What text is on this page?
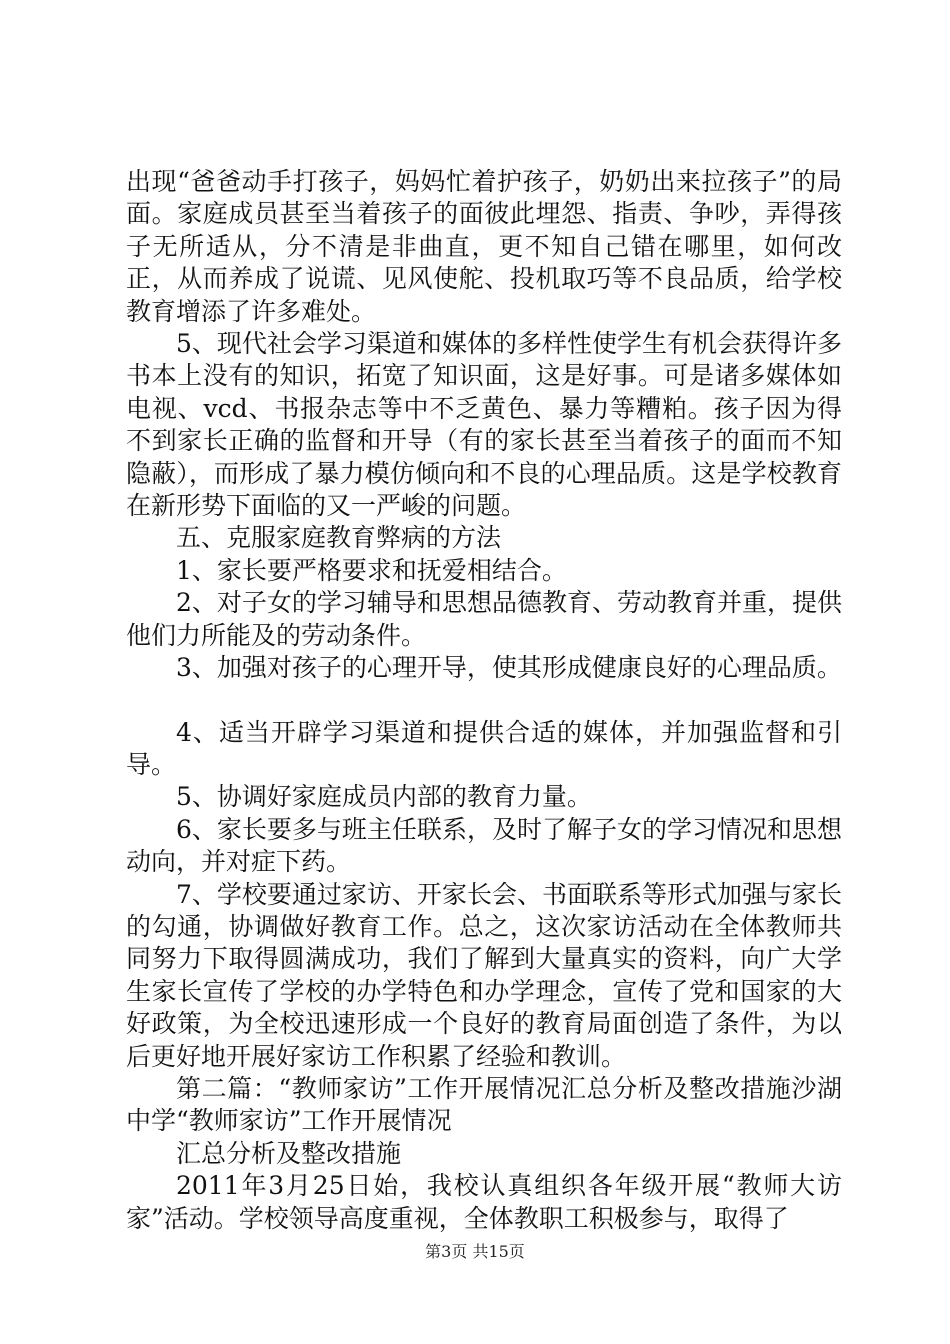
出现“爸爸动手打孩子，妈妈忙着护孩子，奶奶出来拉孩子”的局面。家庭成员甚至当着孩子的面彼此埋怨、指责、争吵，弄得孩子无所适从，分不清是非曲直，更不知自己错在哪里，如何改正，从而养成了说谎、见风使舵、投机取巧等不良品质，给学校教育增添了许多难处。

5、现代社会学习渠道和媒体的多样性使学生有机会获得许多书本上没有的知识，拓宽了知识面，这是好事。可是诸多媒体如电视、vcd、书报杂志等中不乏黄色、暴力等糟粕。孩子因为得不到家长正确的监督和开导（有的家长甚至当着孩子的面而不知隐蔽），而形成了暴力模仿倾向和不良的心理品质。这是学校教育在新形势下面临的又一严峻的问题。

五、克服家庭教育弊病的方法

1、家长要严格要求和抚爱相结合。

2、对子女的学习辅导和思想品德教育、劳动教育并重，提供他们力所能及的劳动条件。

3、加强对孩子的心理开导，使其形成健康良好的心理品质。

4、适当开辟学习渠道和提供合适的媒体，并加强监督和引导。

5、协调好家庭成员内部的教育力量。

6、家长要多与班主任联系，及时了解子女的学习情况和思想动向，并对症下药。

7、学校要通过家访、开家长会、书面联系等形式加强与家长的勾通，协调做好教育工作。总之，这次家访活动在全体教师共同努力下取得圆满成功，我们了解到大量真实的资料，向广大学生家长宣传了学校的办学特色和办学理念，宣传了党和国家的大好政策，为全校迅速形成一个良好的教育局面创造了条件，为以后更好地开展好家访工作积累了经验和教训。

第二篇：“教师家访”工作开展情况汇总分析及整改措施沙湖中学“教师家访”工作开展情况

汇总分析及整改措施

2011年3月25日始，我校认真组织各年级开展“教师大访家”活动。学校领导高度重视，全体教职工积极参与，取得了

第3页 共15页
